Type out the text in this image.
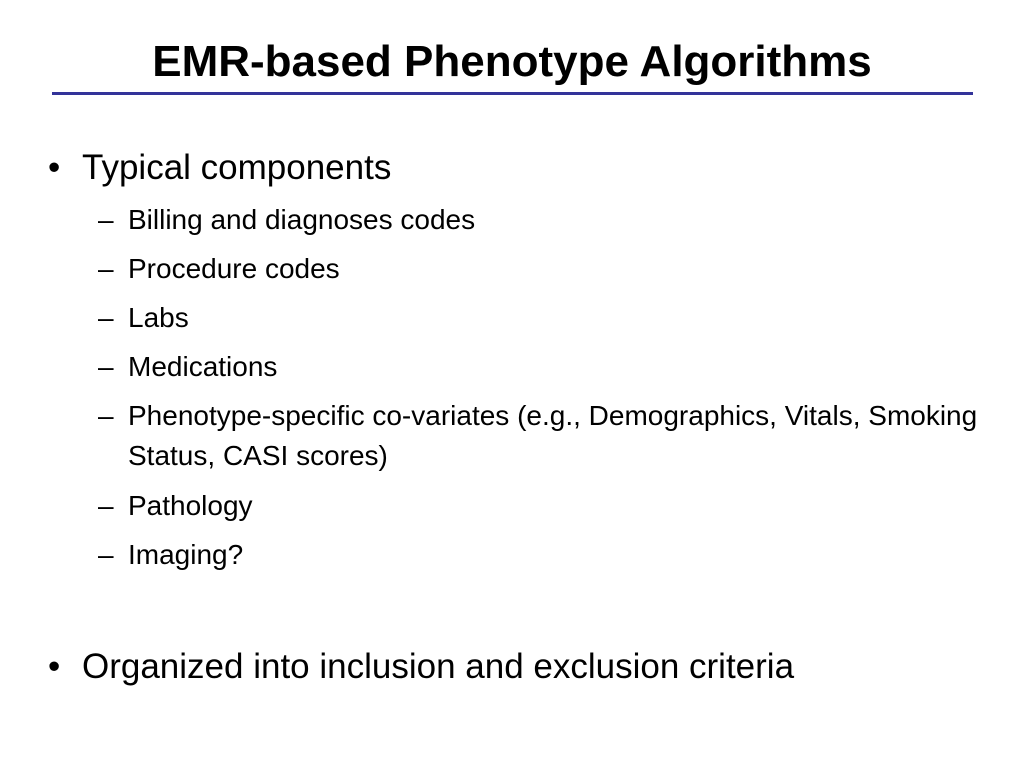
EMR-based Phenotype Algorithms
• Typical components
– Billing and diagnoses codes
– Procedure codes
– Labs
– Medications
– Phenotype-specific co-variates (e.g., Demographics, Vitals, Smoking Status, CASI scores)
– Pathology
– Imaging?
• Organized into inclusion and exclusion criteria
